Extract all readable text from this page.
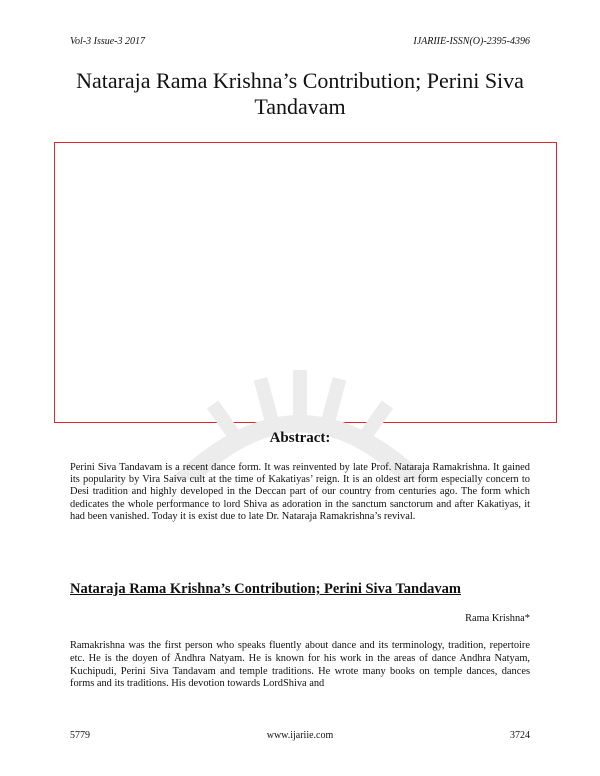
Vol-3 Issue-3 2017	IJARIIE-ISSN(O)-2395-4396
Nataraja Rama Krishna’s Contribution; Perini Siva Tandavam
Abstract:

Perini Siva Tandavam is a recent dance form. It was reinvented by late Prof. Nataraja Ramakrishna. It gained its popularity by Vira Saiva cult at the time of Kakatiyas’ reign. It is an oldest art form especially concern to Desi tradition and highly developed in the Deccan part of our country from centuries ago. The form which dedicates the whole performance to lord Shiva as adoration in the sanctum sanctorum and after Kakatiyas, it had been vanished. Today it is exist due to late Dr. Nataraja Ramakrishna’s revival.

Nataraja Rama Krishna’s Contribution; Perini Siva Tandavam
Rama Krishna*

Ramakrishna was the first person who speaks fluently about dance and its terminology, tradition, repertoire etc. He is the doyen of Āndhra Natyam. He is known for his work in the areas of dance Andhra Natyam, Kuchipudi, Perini Siva Tandavam and temple traditions. He wrote many books on temple dances, dances forms and its traditions. His devotion towards LordShiva and

5779	www.ijariie.com	3724
